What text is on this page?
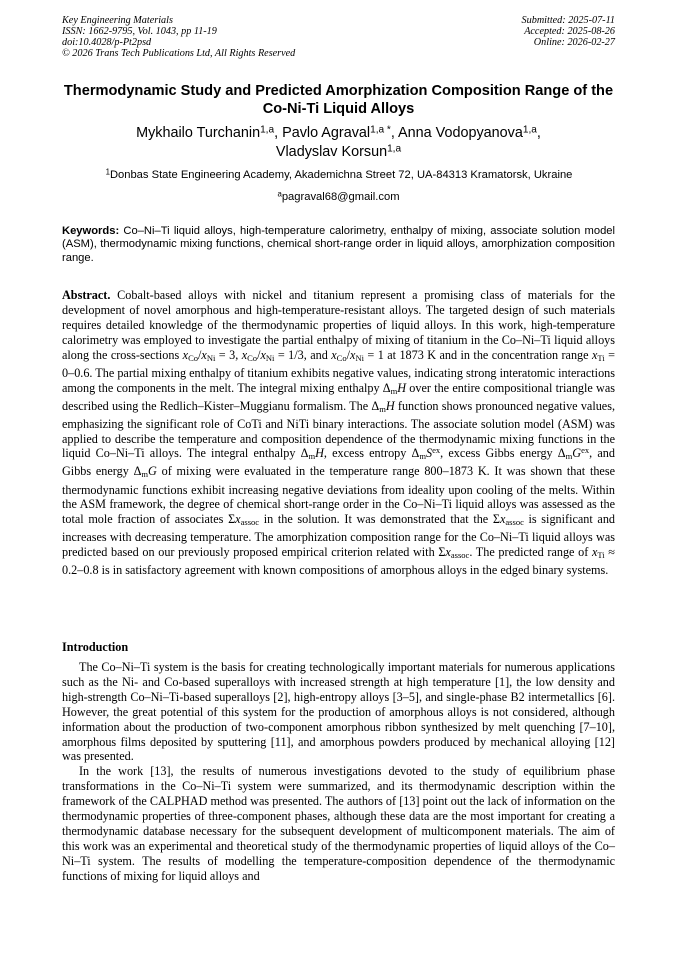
Key Engineering Materials
ISSN: 1662-9795, Vol. 1043, pp 11-19
doi:10.4028/p-Pt2psd
© 2026 Trans Tech Publications Ltd, All Rights Reserved
Submitted: 2025-07-11
Accepted: 2025-08-26
Online: 2026-02-27
Thermodynamic Study and Predicted Amorphization Composition Range of the Co-Ni-Ti Liquid Alloys
Mykhailo Turchanin$^{1,a}$, Pavlo Agraval$^{1,a *}$, Anna Vodopyanova$^{1,a}$,
Vladyslav Korsun$^{1,a}$
$^1$Donbas State Engineering Academy, Akademichna Street 72, UA-84313 Kramatorsk, Ukraine
$^a$pagraval68@gmail.com
Keywords: Co–Ni–Ti liquid alloys, high-temperature calorimetry, enthalpy of mixing, associate solution model (ASM), thermodynamic mixing functions, chemical short-range order in liquid alloys, amorphization composition range.
Abstract. Cobalt-based alloys with nickel and titanium represent a promising class of materials for the development of novel amorphous and high-temperature-resistant alloys. The targeted design of such materials requires detailed knowledge of the thermodynamic properties of liquid alloys. In this work, high-temperature calorimetry was employed to investigate the partial enthalpy of mixing of titanium in the Co–Ni–Ti liquid alloys along the cross-sections $x_{Co}/x_{Ni} = 3$, $x_{Co}/x_{Ni} = 1/3$, and $x_{Co}/x_{Ni} = 1$ at 1873 K and in the concentration range $x_{Ti} = 0-0.6$. The partial mixing enthalpy of titanium exhibits negative values, indicating strong interatomic interactions among the components in the melt. The integral mixing enthalpy $\Delta_mH$ over the entire compositional triangle was described using the Redlich–Kister–Muggianu formalism. The $\Delta_mH$ function shows pronounced negative values, emphasizing the significant role of CoTi and NiTi binary interactions. The associate solution model (ASM) was applied to describe the temperature and composition dependence of the thermodynamic mixing functions in the liquid Co–Ni–Ti alloys. The integral enthalpy $\Delta_mH$, excess entropy $\Delta_mS^{ex}$, excess Gibbs energy $\Delta_mG^{ex}$, and Gibbs energy $\Delta_mG$ of mixing were evaluated in the temperature range 800–1873 K. It was shown that these thermodynamic functions exhibit increasing negative deviations from ideality upon cooling of the melts. Within the ASM framework, the degree of chemical short-range order in the Co–Ni–Ti liquid alloys was assessed as the total mole fraction of associates $\Sigma x_{assoc}$ in the solution. It was demonstrated that the $\Sigma x_{assoc}$ is significant and increases with decreasing temperature. The amorphization composition range for the Co–Ni–Ti liquid alloys was predicted based on our previously proposed empirical criterion related with $\Sigma x_{assoc}$. The predicted range of $x_{Ti} \approx 0.2-0.8$ is in satisfactory agreement with known compositions of amorphous alloys in the edged binary systems.
Introduction

The Co–Ni–Ti system is the basis for creating technologically important materials for numerous applications such as the Ni- and Co-based superalloys with increased strength at high temperature [1], the low density and high-strength Co–Ni–Ti-based superalloys [2], high-entropy alloys [3–5], and single-phase B2 intermetallics [6]. However, the great potential of this system for the production of amorphous alloys is not considered, although information about the production of two-component amorphous ribbon synthesized by melt quenching [7–10], amorphous films deposited by sputtering [11], and amorphous powders produced by mechanical alloying [12] was presented.

In the work [13], the results of numerous investigations devoted to the study of equilibrium phase transformations in the Co–Ni–Ti system were summarized, and its thermodynamic description within the framework of the CALPHAD method was presented. The authors of [13] point out the lack of information on the thermodynamic properties of three-component phases, although these data are the most important for creating a thermodynamic database necessary for the subsequent development of multicomponent materials. The aim of this work was an experimental and theoretical study of the thermodynamic properties of liquid alloys of the Co–Ni–Ti system. The results of modelling the temperature-composition dependence of the thermodynamic functions of mixing for liquid alloys and
